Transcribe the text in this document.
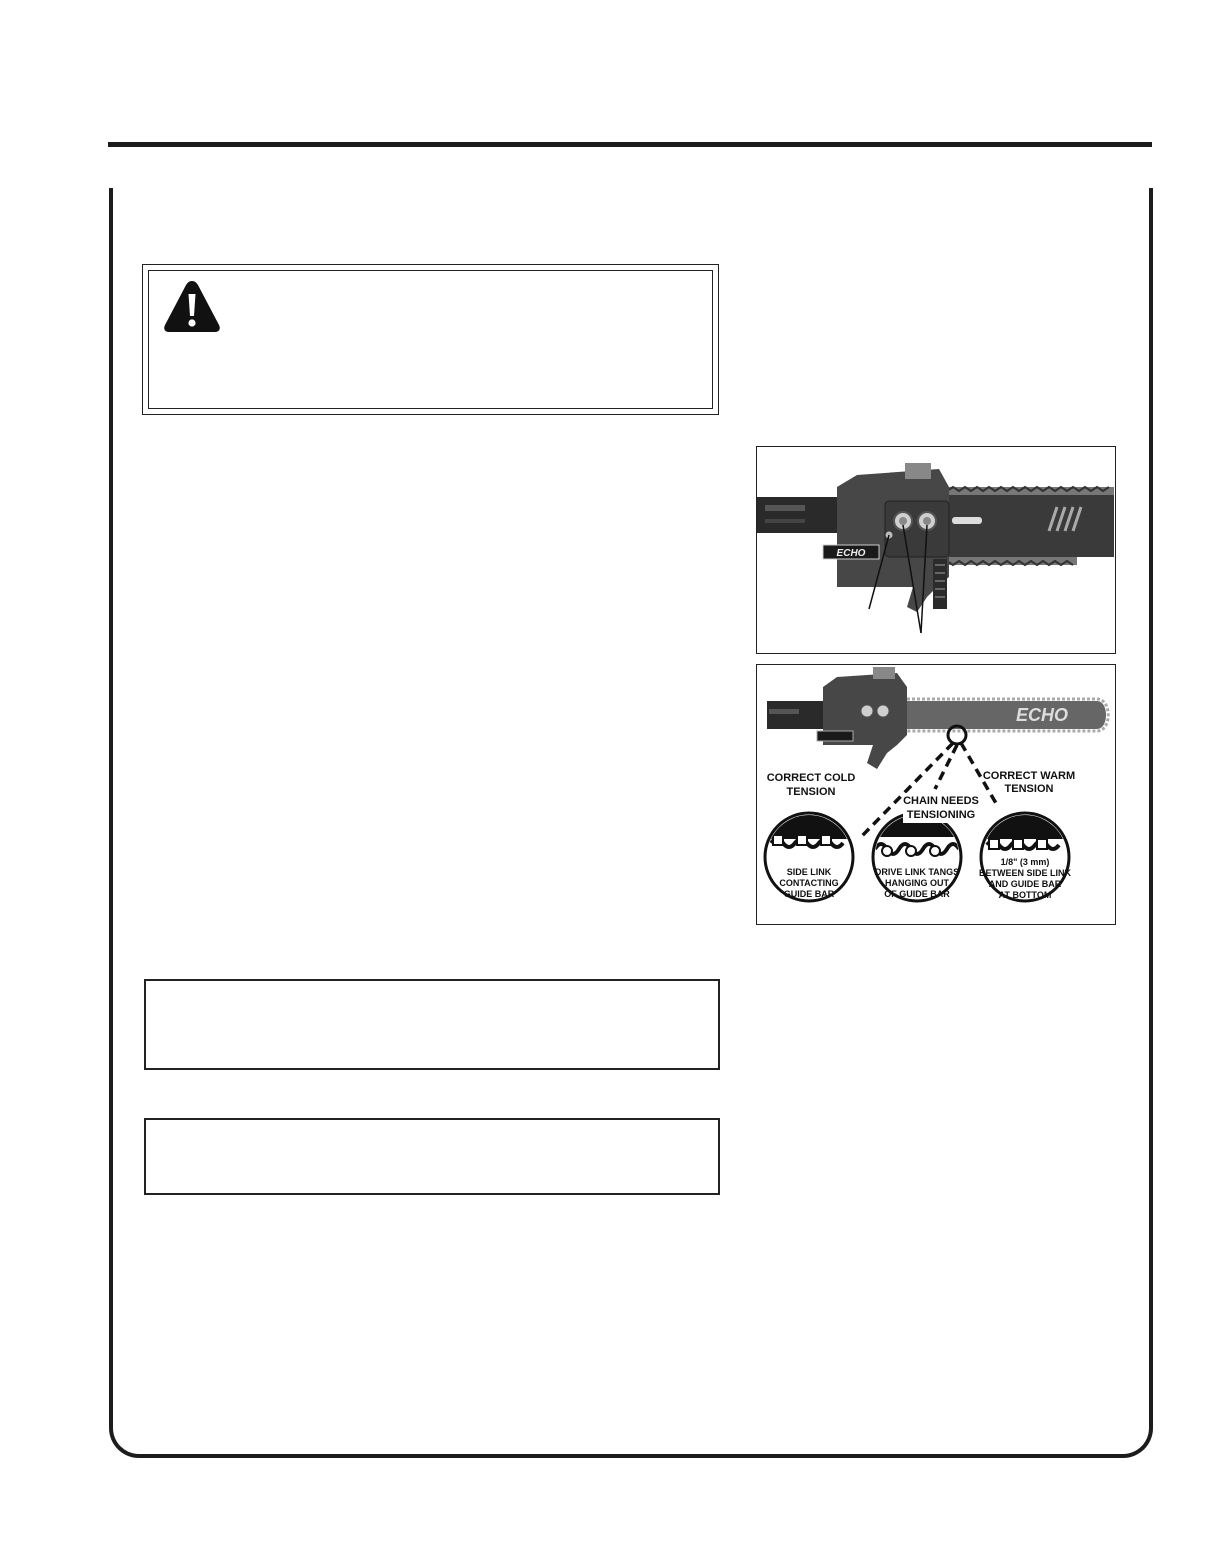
ECHO
ECHO
CORRECT COLD
TENSION
CHAIN NEEDS
TENSIONING
CORRECT WARM
TENSION
SIDE LINK
CONTACTING
GUIDE BAR
DRIVE LINK TANGS
HANGING OUT
OF GUIDE BAR
1/8" (3 mm)
BETWEEN SIDE LINK
AND GUIDE BAR
AT BOTTOM
